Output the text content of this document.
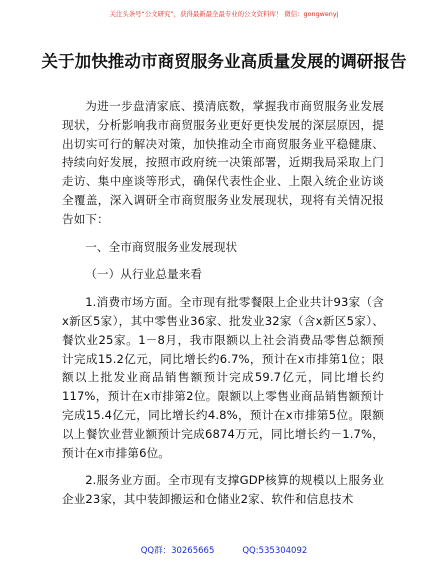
关注头条号“公文研究”，获得最新最全最专业的公文资料库！ 微信：gongwenyj
关于加快推动市商贸服务业高质量发展的调研报告

为进一步盘清家底、摸清底数，掌握我市商贸服务业发展现状，分析影响我市商贸服务业更好更快发展的深层原因，提出切实可行的解决对策，加快推动全市商贸服务业平稳健康、持续向好发展，按照市政府统一决策部署，近期我局采取上门走访、集中座谈等形式，确保代表性企业、上限入统企业访谈全覆盖，深入调研全市商贸服务业发展现状，现将有关情况报告如下：

一、全市商贸服务业发展现状

（一）从行业总量来看

1.消费市场方面。全市现有批零餐限上企业共计93家（含x新区5家），其中零售业36家、批发业32家（含x新区5家）、餐饮业25家。1－8月，我市限额以上社会消费品零售总额预计完成15.2亿元，同比增长约6.7%，预计在x市排第1位；限额以上批发业商品销售额预计完成59.7亿元，同比增长约117%，预计在x市排第2位。限额以上零售业商品销售额预计完成15.4亿元，同比增长约4.8%，预计在x市排第5位。限额以上餐饮业营业额预计完成6874万元，同比增长约－1.7%，预计在x市排第6位。

2.服务业方面。全市现有支撑GDP核算的规模以上服务业企业23家，其中装卸搬运和仓储业2家、软件和信息技术

QQ群：30265665	QQ:535304092
